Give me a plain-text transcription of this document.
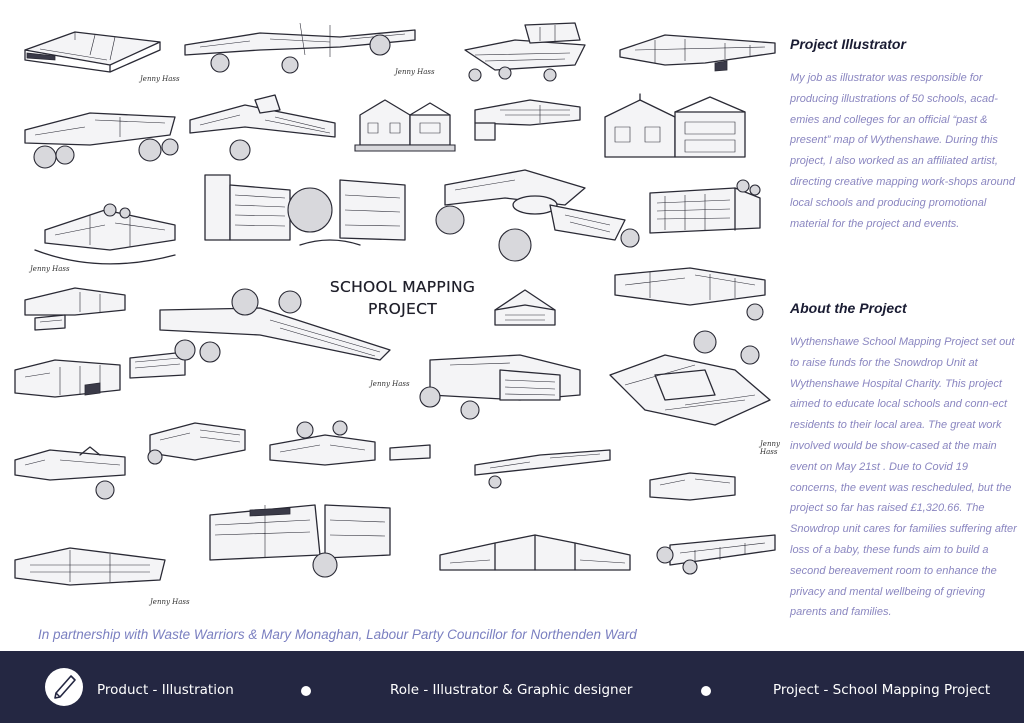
Jenny Hass
Jenny Hass
Jenny Hass
Jenny Hass
Jenny Hass
Jenny Hass
SCHOOL MAPPING
PROJECT
Project Illustrator

My job as illustrator was responsible for producing illustrations of 50 schools, acad-emies and colleges for an official “past & present” map of Wythenshawe. During this project, I also worked as an affiliated artist, directing creative mapping work-shops around local schools and producing promotional material for the project and events.

About the Project

Wythenshawe School Mapping Project set out to raise funds for the Snowdrop Unit at Wythenshawe Hospital Charity. This project aimed to educate local schools and conn-ect residents to their local area. The great work involved would be show-cased at the main event on May 21st . Due to Covid 19 concerns, the event was rescheduled, but the project so far has raised £1,320.66. The Snowdrop unit cares for families suffering after loss of a baby, these funds aim to build a second bereavement room to enhance the privacy and mental wellbeing of grieving parents and families.

In partnership with Waste Warriors & Mary Monaghan, Labour Party Councillor for Northenden Ward
Product - Illustration	Role - Illustrator & Graphic designer	Project - School Mapping Project
